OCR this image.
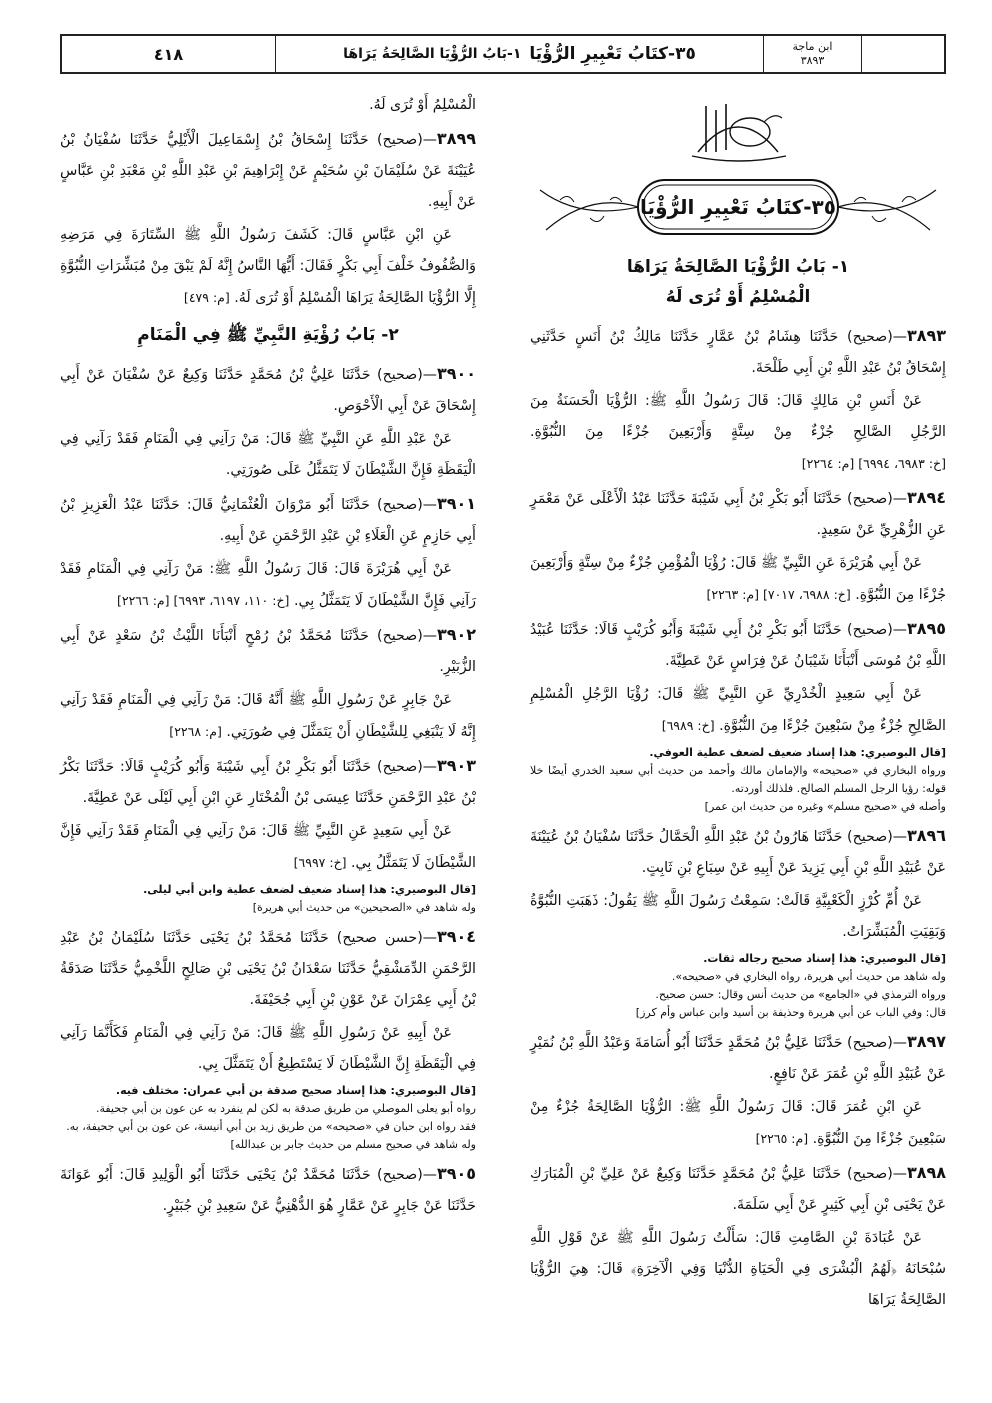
٤١٨	٣٥-كتَابُ تَعْبِيرِ الرُّؤْيَا
١-بَابُ الرُّؤْيَا الصَّالِحَةُ يَرَاهَا	ابن ماجة
٣٨٩٣
٣٥-كتَابُ تَعْبِيرِ الرُّؤْيَا
١- بَابُ الرُّؤْيَا الصَّالِحَةُ يَرَاهَا
الْمُسْلِمُ أَوْ تُرَى لَهُ
٣٨٩٣—(صحيح) حَدَّثَنَا هِشَامُ بْنُ عَمَّارٍ حَدَّثَنَا مَالِكُ بْنُ أَنَسٍ حَدَّثَنِي إِسْحَاقُ بْنُ عَبْدِ اللَّهِ بْنِ أَبِي طَلْحَةَ.
عَنْ أَنَسِ بْنِ مَالِكٍ قَالَ: قَالَ رَسُولُ اللَّهِ ﷺ: الرُّؤْيَا الْحَسَنَةُ مِنَ الرَّجُلِ الصَّالِحِ جُزْءٌ مِنْ سِتَّةٍ وَأَرْبَعِينَ جُزْءًا مِنَ النُّبُوَّةِ. [خ: ٦٩٨٣، ٦٩٩٤] [م: ٢٢٦٤]
٣٨٩٤—(صحيح) حَدَّثَنَا أَبُو بَكْرِ بْنُ أَبِي شَيْبَةَ حَدَّثَنَا عَبْدُ الْأَعْلَى عَنْ مَعْمَرٍ عَنِ الزُّهْرِيِّ عَنْ سَعِيدٍ.
عَنْ أَبِي هُرَيْرَةَ عَنِ النَّبِيِّ ﷺ قَالَ: رُؤْيَا الْمُؤْمِنِ جُزْءٌ مِنْ سِتَّةٍ وَأَرْبَعِينَ جُزْءًا مِنَ النُّبُوَّةِ. [خ: ٦٩٨٨، ٧٠١٧] [م: ٢٢٦٣]
٣٨٩٥—(صحيح) حَدَّثَنَا أَبُو بَكْرِ بْنُ أَبِي شَيْبَةَ وَأَبُو كُرَيْبٍ قَالَا: حَدَّثَنَا عُبَيْدُ اللَّهِ بْنُ مُوسَى أَنْبَأَنَا شَيْبَانُ عَنْ فِرَاسٍ عَنْ عَطِيَّةَ.
عَنْ أَبِي سَعِيدٍ الْخُدْرِيِّ عَنِ النَّبِيِّ ﷺ قَالَ: رُؤْيَا الرَّجُلِ الْمُسْلِمِ الصَّالِحِ جُزْءٌ مِنْ سَبْعِينَ جُزْءًا مِنَ النُّبُوَّةِ. [خ: ٦٩٨٩]
[قال البوصيري: هذا إسناد ضعيف لضعف عطية العوفي.
ورواه البخاري في «صحيحه» والإمامان مالك وأحمد من حديث أبي سعيد الخدري أيضًا خلا قوله: رؤيا الرجل المسلم الصالح. فلذلك أوردته.
وأصله في «صحيح مسلم» وغيره من حديث ابن عمر]
٣٨٩٦—(صحيح) حَدَّثَنَا هَارُونُ بْنُ عَبْدِ اللَّهِ الْحَمَّالُ حَدَّثَنَا سُفْيَانُ بْنُ عُيَيْنَةَ عَنْ عُبَيْدِ اللَّهِ بْنِ أَبِي يَزِيدَ عَنْ أَبِيهِ عَنْ سِبَاعِ بْنِ ثَابِتٍ.
عَنْ أُمِّ كُرْزٍ الْكَعْبِيَّةِ قَالَتْ: سَمِعْتُ رَسُولَ اللَّهِ ﷺ يَقُولُ: ذَهَبَتِ النُّبُوَّةُ وَبَقِيَتِ الْمُبَشِّرَاتُ.
[قال البوصيري: هذا إسناد صحيح رجاله ثقات.
وله شاهد من حديث أبي هريرة، رواه البخاري في «صحيحه».
ورواه الترمذي في «الجامع» من حديث أنس وقال: حسن صحيح.
قال: وفي الباب عن أبي هريرة وحذيفة بن أسيد وابن عباس وأم كرز]
٣٨٩٧—(صحيح) حَدَّثَنَا عَلِيُّ بْنُ مُحَمَّدٍ حَدَّثَنَا أَبُو أُسَامَةَ وَعَبْدُ اللَّهِ بْنُ نُمَيْرٍ عَنْ عُبَيْدِ اللَّهِ بْنِ عُمَرَ عَنْ نَافِعٍ.
عَنِ ابْنِ عُمَرَ قَالَ: قَالَ رَسُولُ اللَّهِ ﷺ: الرُّؤْيَا الصَّالِحَةُ جُزْءٌ مِنْ سَبْعِينَ جُزْءًا مِنَ النُّبُوَّةِ. [م: ٢٢٦٥]
٣٨٩٨—(صحيح) حَدَّثَنَا عَلِيُّ بْنُ مُحَمَّدٍ حَدَّثَنَا وَكِيعٌ عَنْ عَلِيِّ بْنِ الْمُبَارَكِ عَنْ يَحْيَى بْنِ أَبِي كَثِيرٍ عَنْ أَبِي سَلَمَةَ.
عَنْ عُبَادَةَ بْنِ الصَّامِتِ قَالَ: سَأَلْتُ رَسُولَ اللَّهِ ﷺ عَنْ قَوْلِ اللَّهِ سُبْحَانَهُ ﴿لَهُمُ الْبُشْرَى فِي الْحَيَاةِ الدُّنْيَا وَفِي الْآخِرَةِ﴾ قَالَ: هِيَ الرُّؤْيَا الصَّالِحَةُ يَرَاهَا
الْمُسْلِمُ أَوْ تُرَى لَهُ.
٣٨٩٩—(صحيح) حَدَّثَنَا إِسْحَاقُ بْنُ إِسْمَاعِيلَ الْأَيْلِيُّ حَدَّثَنَا سُفْيَانُ بْنُ عُيَيْنَةَ عَنْ سُلَيْمَانَ بْنِ سُحَيْمٍ عَنْ إِبْرَاهِيمَ بْنِ عَبْدِ اللَّهِ بْنِ مَعْبَدِ بْنِ عَبَّاسٍ عَنْ أَبِيهِ.
عَنِ ابْنِ عَبَّاسٍ قَالَ: كَشَفَ رَسُولُ اللَّهِ ﷺ السِّتَارَةَ فِي مَرَضِهِ وَالصُّفُوفُ خَلْفَ أَبِي بَكْرٍ فَقَالَ: أَيُّهَا النَّاسُ إِنَّهُ لَمْ يَبْقَ مِنْ مُبَشِّرَاتِ النُّبُوَّةِ إِلَّا الرُّؤْيَا الصَّالِحَةُ يَرَاهَا الْمُسْلِمُ أَوْ تُرَى لَهُ. [م: ٤٧٩]
٢- بَابُ رُؤْيَةِ النَّبِيِّ ﷺ فِي الْمَنَامِ
٣٩٠٠—(صحيح) حَدَّثَنَا عَلِيُّ بْنُ مُحَمَّدٍ حَدَّثَنَا وَكِيعٌ عَنْ سُفْيَانَ عَنْ أَبِي إِسْحَاقَ عَنْ أَبِي الْأَحْوَصِ.
عَنْ عَبْدِ اللَّهِ عَنِ النَّبِيِّ ﷺ قَالَ: مَنْ رَآنِي فِي الْمَنَامِ فَقَدْ رَآنِي فِي الْيَقَظَةِ فَإِنَّ الشَّيْطَانَ لَا يَتَمَثَّلُ عَلَى صُورَتِي.
٣٩٠١—(صحيح) حَدَّثَنَا أَبُو مَرْوَانَ الْعُثْمَانِيُّ قَالَ: حَدَّثَنَا عَبْدُ الْعَزِيزِ بْنُ أَبِي حَازِمٍ عَنِ الْعَلَاءِ بْنِ عَبْدِ الرَّحْمَنِ عَنْ أَبِيهِ.
عَنْ أَبِي هُرَيْرَةَ قَالَ: قَالَ رَسُولُ اللَّهِ ﷺ: مَنْ رَآنِي فِي الْمَنَامِ فَقَدْ رَآنِي فَإِنَّ الشَّيْطَانَ لَا يَتَمَثَّلُ بِي. [خ: ١١٠، ٦١٩٧، ٦٩٩٣] [م: ٢٢٦٦]
٣٩٠٢—(صحيح) حَدَّثَنَا مُحَمَّدُ بْنُ رُمْحٍ أَنْبَأَنَا اللَّيْثُ بْنُ سَعْدٍ عَنْ أَبِي الزُّبَيْرِ.
عَنْ جَابِرٍ عَنْ رَسُولِ اللَّهِ ﷺ أَنَّهُ قَالَ: مَنْ رَآنِي فِي الْمَنَامِ فَقَدْ رَآنِي إِنَّهُ لَا يَنْبَغِي لِلشَّيْطَانِ أَنْ يَتَمَثَّلَ فِي صُورَتِي. [م: ٢٢٦٨]
٣٩٠٣—(صحيح) حَدَّثَنَا أَبُو بَكْرِ بْنُ أَبِي شَيْبَةَ وَأَبُو كُرَيْبٍ قَالَا: حَدَّثَنَا بَكْرُ بْنُ عَبْدِ الرَّحْمَنِ حَدَّثَنَا عِيسَى بْنُ الْمُخْتَارِ عَنِ ابْنِ أَبِي لَيْلَى عَنْ عَطِيَّةَ.
عَنْ أَبِي سَعِيدٍ عَنِ النَّبِيِّ ﷺ قَالَ: مَنْ رَآنِي فِي الْمَنَامِ فَقَدْ رَآنِي فَإِنَّ الشَّيْطَانَ لَا يَتَمَثَّلُ بِي. [خ: ٦٩٩٧]
[قال البوصيري: هذا إسناد ضعيف لضعف عطية وابن أبي ليلى.
وله شاهد في «الصحيحين» من حديث أبي هريرة]
٣٩٠٤—(حسن صحيح) حَدَّثَنَا مُحَمَّدُ بْنُ يَحْيَى حَدَّثَنَا سُلَيْمَانُ بْنُ عَبْدِ الرَّحْمَنِ الدِّمَشْقِيُّ حَدَّثَنَا سَعْدَانُ بْنُ يَحْيَى بْنِ صَالِحٍ اللَّخْمِيُّ حَدَّثَنَا صَدَقَةُ بْنُ أَبِي عِمْرَانَ عَنْ عَوْنِ بْنِ أَبِي جُحَيْفَةَ.
عَنْ أَبِيهِ عَنْ رَسُولِ اللَّهِ ﷺ قَالَ: مَنْ رَآنِي فِي الْمَنَامِ فَكَأَنَّمَا رَآنِي فِي الْيَقَظَةِ إِنَّ الشَّيْطَانَ لَا يَسْتَطِيعُ أَنْ يَتَمَثَّلَ بِي.
[قال البوصيري: هذا إسناد صحيح صدقة بن أبي عمران: مختلف فيه.
رواه أبو يعلى الموصلي من طريق صدقة به لكن لم ينفرد به عن عون بن أبي جحيفة.
فقد رواه ابن حبان في «صحيحه» من طريق زيد بن أبي أنيسة، عن عون بن أبي جحيفة، به.
وله شاهد في صحيح مسلم من حديث جابر بن عبدالله]
٣٩٠٥—(صحيح) حَدَّثَنَا مُحَمَّدُ بْنُ يَحْيَى حَدَّثَنَا أَبُو الْوَلِيدِ قَالَ: أَبُو عَوَانَةَ حَدَّثَنَا عَنْ جَابِرٍ عَنْ عَمَّارٍ هُوَ الدُّهْنِيُّ عَنْ سَعِيدِ بْنِ جُبَيْرٍ.
